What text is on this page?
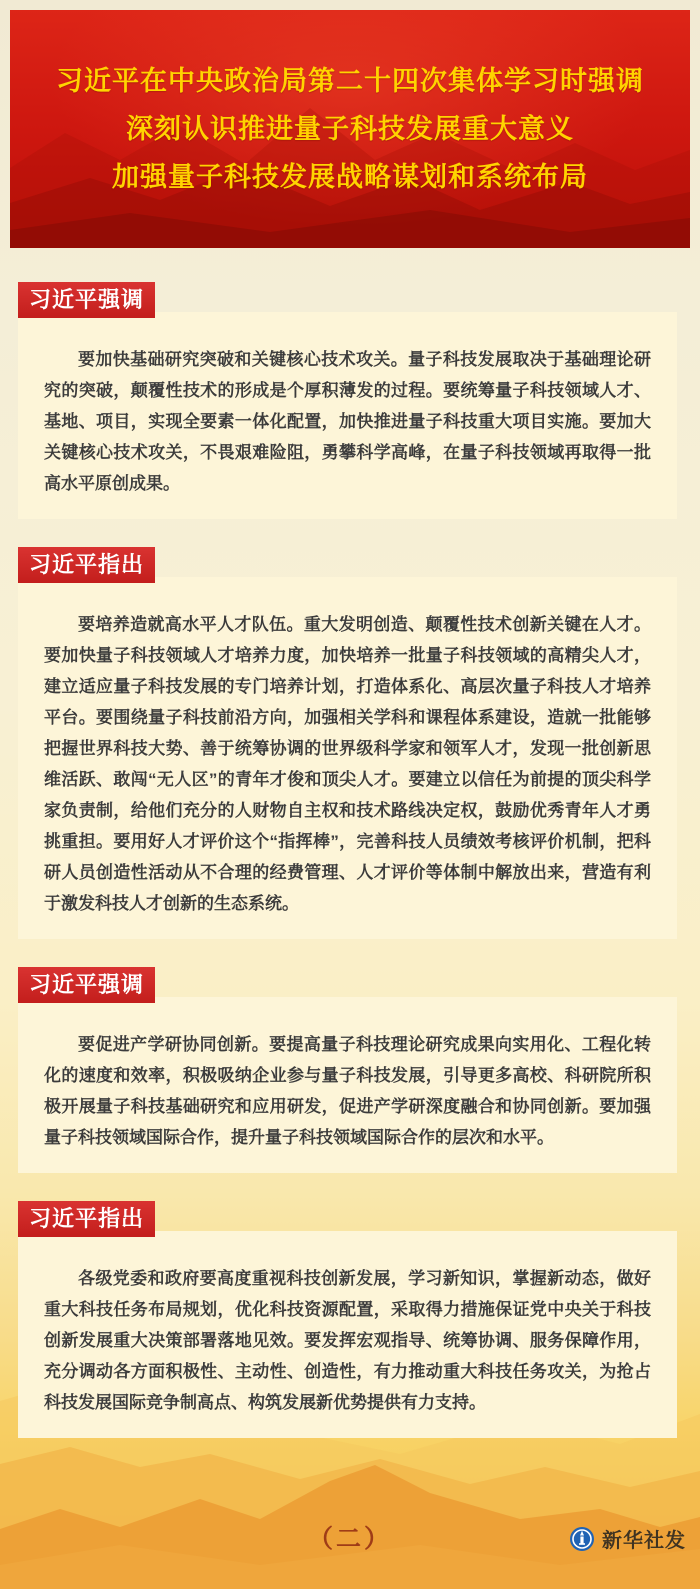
习近平在中央政治局第二十四次集体学习时强调
深刻认识推进量子科技发展重大意义
加强量子科技发展战略谋划和系统布局
习近平强调

要加快基础研究突破和关键核心技术攻关。量子科技发展取决于基础理论研究的突破，颠覆性技术的形成是个厚积薄发的过程。要统筹量子科技领域人才、基地、项目，实现全要素一体化配置，加快推进量子科技重大项目实施。要加大关键核心技术攻关，不畏艰难险阻，勇攀科学高峰，在量子科技领域再取得一批高水平原创成果。

习近平指出

要培养造就高水平人才队伍。重大发明创造、颠覆性技术创新关键在人才。要加快量子科技领域人才培养力度，加快培养一批量子科技领域的高精尖人才，建立适应量子科技发展的专门培养计划，打造体系化、高层次量子科技人才培养平台。要围绕量子科技前沿方向，加强相关学科和课程体系建设，造就一批能够把握世界科技大势、善于统筹协调的世界级科学家和领军人才，发现一批创新思维活跃、敢闯“无人区”的青年才俊和顶尖人才。要建立以信任为前提的顶尖科学家负责制，给他们充分的人财物自主权和技术路线决定权，鼓励优秀青年人才勇挑重担。要用好人才评价这个“指挥棒”，完善科技人员绩效考核评价机制，把科研人员创造性活动从不合理的经费管理、人才评价等体制中解放出来，营造有利于激发科技人才创新的生态系统。

习近平强调

要促进产学研协同创新。要提高量子科技理论研究成果向实用化、工程化转化的速度和效率，积极吸纳企业参与量子科技发展，引导更多高校、科研院所积极开展量子科技基础研究和应用研发，促进产学研深度融合和协同创新。要加强量子科技领域国际合作，提升量子科技领域国际合作的层次和水平。

习近平指出

各级党委和政府要高度重视科技创新发展，学习新知识，掌握新动态，做好重大科技任务布局规划，优化科技资源配置，采取得力措施保证党中央关于科技创新发展重大决策部署落地见效。要发挥宏观指导、统筹协调、服务保障作用，充分调动各方面积极性、主动性、创造性，有力推动重大科技任务攻关，为抢占科技发展国际竞争制高点、构筑发展新优势提供有力支持。

（二）	新华社发
